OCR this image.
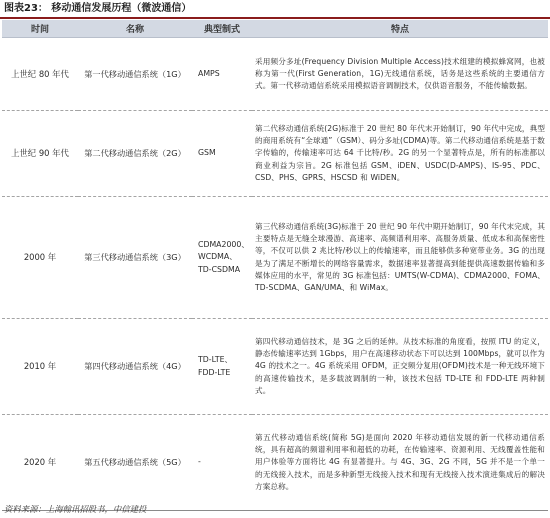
图表23： 移动通信发展历程（微波通信）
时间	名称	典型制式	特点
上世纪 80 年代	第一代移动通信系统（1G）	AMPS	采用频分多址(Frequency Division Multiple Access)技术组建的模拟蜂窝网，也被称为第一代(First Generation，1G)无线通信系统，话务是这些系统的主要通信方式。第一代移动通信系统采用模拟语音调制技术，仅供语音服务，不能传输数据。
上世纪 90 年代	第二代移动通信系统（2G）	GSM	第二代移动通信系统(2G)标准于 20 世纪 80 年代末开始制订，90 年代中完成，典型的商用系统有“全球通”（GSM）、码分多址(CDMA)等。第二代移动通信系统是基于数字传输的，传输速率可达 64 千比特/秒。2G 的另一个显著特点是，所有的标准都以商业利益为宗旨。2G 标准包括 GSM、iDEN、USDC(D-AMPS)、IS-95、PDC、CSD、PHS、GPRS、HSCSD 和 WiDEN。
2000 年	第三代移动通信系统（3G）	CDMA2000、WCDMA、TD-CSDMA	第三代移动通信系统(3G)标准于 20 世纪 90 年代中期开始制订，90 年代末完成，其主要特点是无缝全球漫游、高速率、高频谱利用率、高服务质量、低成本和高保密性等，不仅可以供 2 兆比特/秒以上的传输速率，而且能够供多种宽带业务。3G 的出现是为了满足不断增长的网络容量需求，数据速率显著提高到能提供高速数据传输和多媒体应用的水平，常见的 3G 标准包括：UMTS(W-CDMA)、CDMA2000、FOMA、TD-SCDMA、GAN/UMA、和 WiMax。
2010 年	第四代移动通信系统（4G）	TD-LTE、FDD-LTE	第四代移动通信技术，是 3G 之后的延伸。从技术标准的角度看，按照 ITU 的定义，静态传输速率达到 1Gbps，用户在高速移动状态下可以达到 100Mbps，就可以作为 4G 的技术之一。4G 系统采用 OFDM，正交频分复用(OFDM)技术是一种无线环境下的高速传输技术，是多载波调制的一种，该技术包括 TD-LTE 和 FDD-LTE 两种制式。
2020 年	第五代移动通信系统（5G）	-	第五代移动通信系统(简称 5G)是面向 2020 年移动通信发展的新一代移动通信系统，具有超高的频谱利用率和超低的功耗，在传输速率、资源利用、无线覆盖性能和用户体验等方面将比 4G 有显著提升。与 4G、3G、2G 不同，5G 并不是一个单一的无线接入技术，而是多种新型无线接入技术和现有无线接入技术演进集成后的解决方案总称。
资料来源：上海翰讯招股书，中信建投
